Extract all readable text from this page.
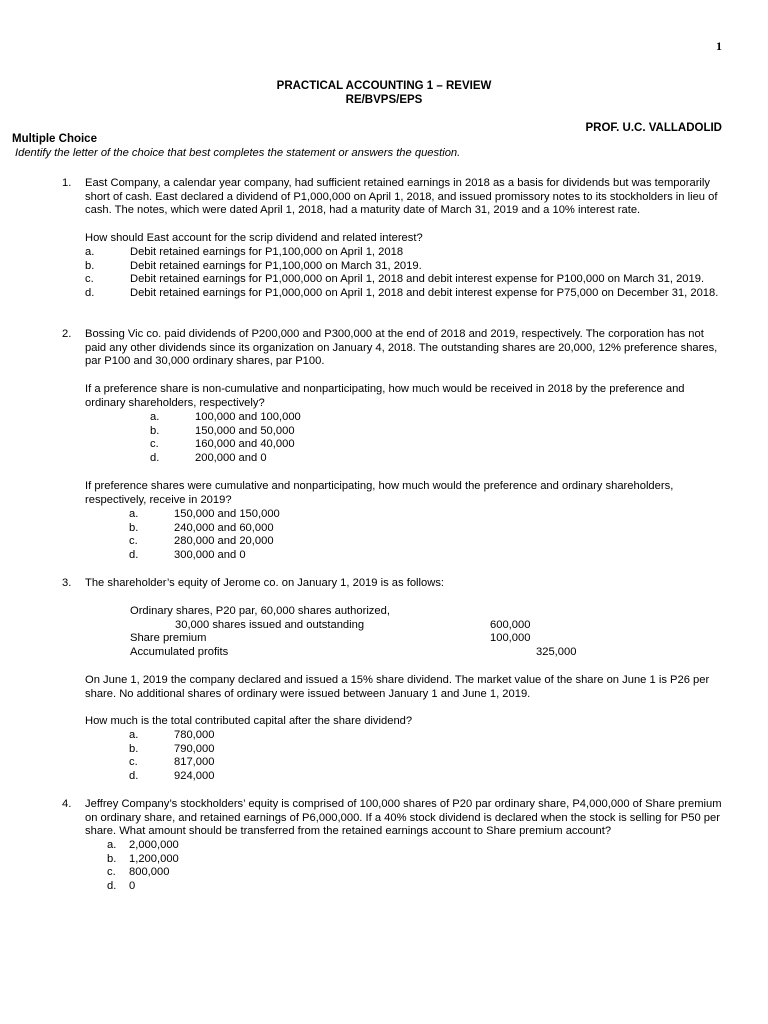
1
PRACTICAL ACCOUNTING 1 – REVIEW
RE/BVPS/EPS
PROF. U.C. VALLADOLID
Multiple Choice
Identify the letter of the choice that best completes the statement or answers the question.
1.	East Company, a calendar year company, had sufficient retained earnings in 2018 as a basis for dividends but was temporarily short of cash. East declared a dividend of P1,000,000 on April 1, 2018, and issued promissory notes to its stockholders in lieu of cash. The notes, which were dated April 1, 2018, had a maturity date of March 31, 2019 and a 10% interest rate.
How should East account for the scrip dividend and related interest?
a.	Debit retained earnings for P1,100,000 on April 1, 2018
b.	Debit retained earnings for P1,100,000 on March 31, 2019.
c.	Debit retained earnings for P1,000,000 on April 1, 2018 and debit interest expense for P100,000 on March 31, 2019.
d.	Debit retained earnings for P1,000,000 on April 1, 2018 and debit interest expense for P75,000 on December 31, 2018.
2.	Bossing Vic co. paid dividends of P200,000 and P300,000 at the end of 2018 and 2019, respectively. The corporation has not paid any other dividends since its organization on January 4, 2018. The outstanding shares are 20,000, 12% preference shares, par P100 and 30,000 ordinary shares, par P100.
If a preference share is non-cumulative and nonparticipating, how much would be received in 2018 by the preference and ordinary shareholders, respectively?
a.	100,000 and 100,000
b.	150,000 and 50,000
c.	160,000 and 40,000
d.	200,000 and 0
If preference shares were cumulative and nonparticipating, how much would the preference and ordinary shareholders, respectively, receive in 2019?
a.	150,000 and 150,000
b.	240,000 and 60,000
c.	280,000 and 20,000
d.	300,000 and 0
3.	The shareholder’s equity of Jerome co. on January 1, 2019 is as follows:
Ordinary shares, P20 par, 60,000 shares authorized,
30,000 shares issued and outstanding	600,000
Share premium	100,000
Accumulated profits	325,000
On June 1, 2019 the company declared and issued a 15% share dividend. The market value of the share on June 1 is P26 per share. No additional shares of ordinary were issued between January 1 and June 1, 2019.
How much is the total contributed capital after the share dividend?
a.	780,000
b.	790,000
c.	817,000
d.	924,000
4.	Jeffrey Company’s stockholders’ equity is comprised of 100,000 shares of P20 par ordinary share, P4,000,000 of Share premium on ordinary share, and retained earnings of P6,000,000. If a 40% stock dividend is declared when the stock is selling for P50 per share. What amount should be transferred from the retained earnings account to Share premium account?
a.	2,000,000
b.	1,200,000
c.	800,000
d.	0
